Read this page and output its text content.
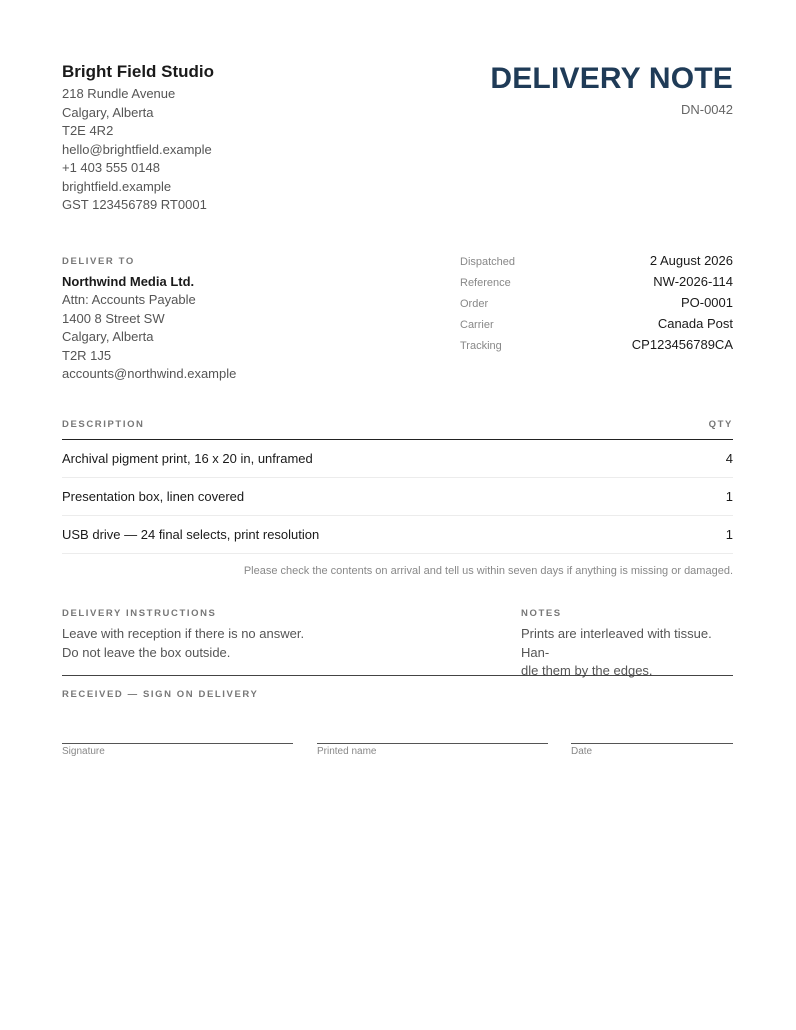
Bright Field Studio
218 Rundle Avenue
Calgary, Alberta
T2E 4R2
hello@brightfield.example
+1 403 555 0148
brightfield.example
GST 123456789 RT0001
DELIVERY NOTE
DN-0042
DELIVER TO
Northwind Media Ltd.
Attn: Accounts Payable
1400 8 Street SW
Calgary, Alberta
T2R 1J5
accounts@northwind.example
Dispatched	2 August 2026
Reference	NW-2026-114
Order	PO-0001
Carrier	Canada Post
Tracking	CP123456789CA
DESCRIPTION	QTY
Archival pigment print, 16 x 20 in, unframed	4
Presentation box, linen covered	1
USB drive — 24 final selects, print resolution	1
Please check the contents on arrival and tell us within seven days if anything is missing or damaged.
DELIVERY INSTRUCTIONS
Leave with reception if there is no answer.
Do not leave the box outside.
NOTES
Prints are interleaved with tissue. Han-
dle them by the edges.
RECEIVED — SIGN ON DELIVERY
Signature	Printed name	Date
